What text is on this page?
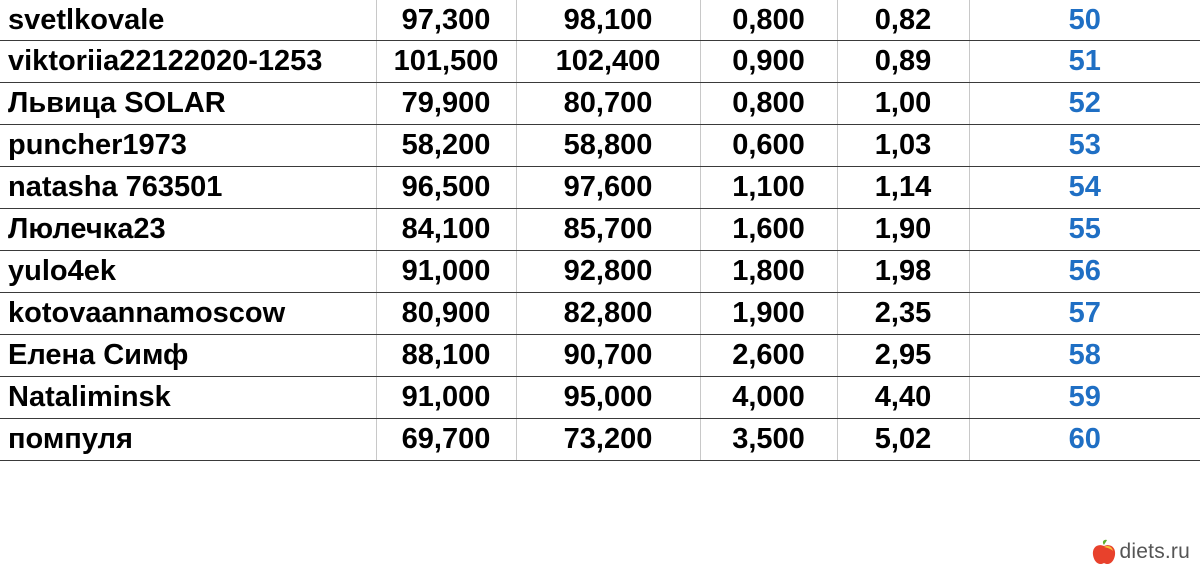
svetlkovale	97,300	98,100	0,800	0,82	50
viktoriia22122020-1253	101,500	102,400	0,900	0,89	51
Львица SOLAR	79,900	80,700	0,800	1,00	52
puncher1973	58,200	58,800	0,600	1,03	53
natasha 763501	96,500	97,600	1,100	1,14	54
Люлечка23	84,100	85,700	1,600	1,90	55
yulo4ek	91,000	92,800	1,800	1,98	56
kotovaannamoscow	80,900	82,800	1,900	2,35	57
Елена Симф	88,100	90,700	2,600	2,95	58
Nataliminsk	91,000	95,000	4,000	4,40	59
помпуля	69,700	73,200	3,500	5,02	60
diets.ru
